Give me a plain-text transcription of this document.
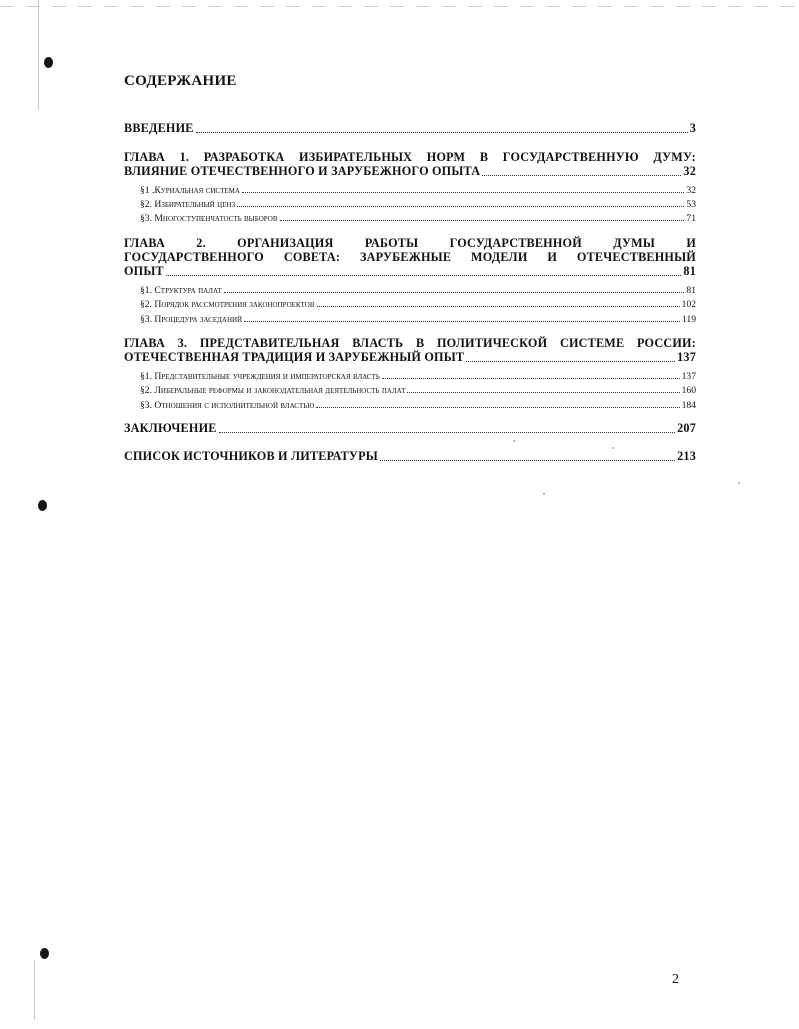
СОДЕРЖАНИЕ
ВВЕДЕНИЕ	3
ГЛАВА 1. РАЗРАБОТКА ИЗБИРАТЕЛЬНЫХ НОРМ В ГОСУДАРСТВЕННУЮ ДУМУ:
ВЛИЯНИЕ ОТЕЧЕСТВЕННОГО И ЗАРУБЕЖНОГО ОПЫТА	32
§1 .Куриальная система	32
§2. Избирательный ценз	53
§3. Многоступенчатость выборов	71
ГЛАВА	2.	ОРГАНИЗАЦИЯ	РАБОТЫ	ГОСУДАРСТВЕННОЙ	ДУМЫ	И
ГОСУДАРСТВЕННОГО СОВЕТА: ЗАРУБЕЖНЫЕ МОДЕЛИ И ОТЕЧЕСТВЕННЫЙ
ОПЫТ	81
§1. Структура палат	81
§2. Порядок рассмотрения законопроектов	102
§3. Процедура заседаний	119
ГЛАВА 3. ПРЕДСТАВИТЕЛЬНАЯ ВЛАСТЬ В ПОЛИТИЧЕСКОЙ СИСТЕМЕ РОССИИ:
ОТЕЧЕСТВЕННАЯ ТРАДИЦИЯ И ЗАРУБЕЖНЫЙ ОПЫТ	137
§1. Представительные учреждения и императорская власть	137
§2. Либеральные реформы и законодательная деятельность палат	160
§3. Отношения с исполнительной властью	184
ЗАКЛЮЧЕНИЕ	207
СПИСОК ИСТОЧНИКОВ И ЛИТЕРАТУРЫ	213
2
